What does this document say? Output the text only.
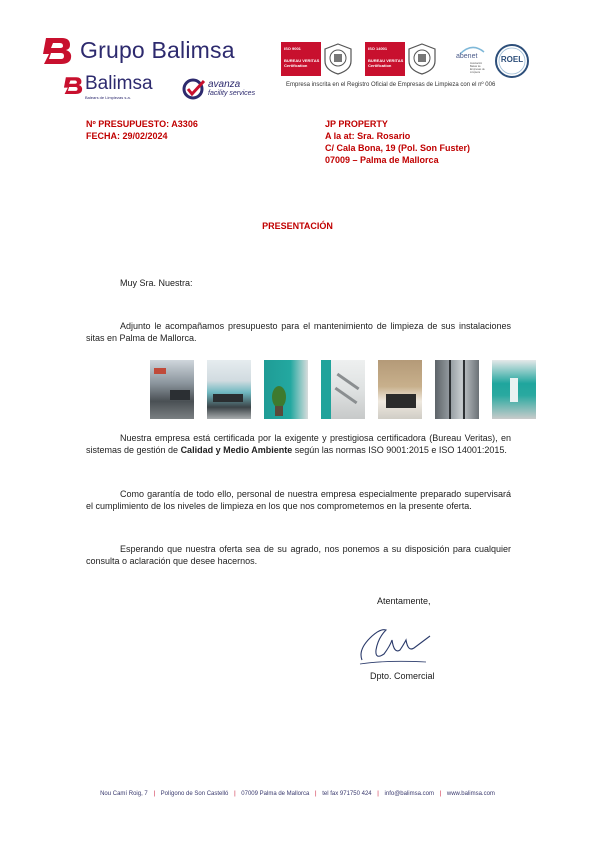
Grupo Balimsa
Balimsa
Balears de Limpiezas s.a.
avanza
facility services
ISO 9001
BUREAU VERITAS Certification
ISO 14001
BUREAU VERITAS Certification
abenet
Asociación Balear de Empresas de Limpieza
ROEL
Empresa inscrita en el Registro Oficial de Empresas de Limpieza con el nº 006
Nº PRESUPUESTO: A3306
FECHA: 29/02/2024
JP PROPERTY
A la at: Sra. Rosario
C/ Cala Bona, 19 (Pol. Son Fuster)
07009 – Palma de Mallorca
PRESENTACIÓN
Muy Sra. Nuestra:
Adjunto le acompañamos presupuesto para el mantenimiento de limpieza de sus instalaciones sitas en Palma de Mallorca.
Nuestra empresa está certificada por la exigente y prestigiosa certificadora (Bureau Veritas), en sistemas de gestión de Calidad y Medio Ambiente según las normas ISO 9001:2015 e ISO 14001:2015.
Como garantía de todo ello, personal de nuestra empresa especialmente preparado supervisará el cumplimiento de los niveles de limpieza en los que nos comprometemos en la presente oferta.
Esperando que nuestra oferta sea de su agrado, nos ponemos a su disposición para cualquier consulta o aclaración que desee hacernos.
Atentamente,
Dpto. Comercial
Nou Camí Roig, 7 | Polígono de Son Castelló | 07009 Palma de Mallorca | tel fax 971750 424 | info@balimsa.com | www.balimsa.com
